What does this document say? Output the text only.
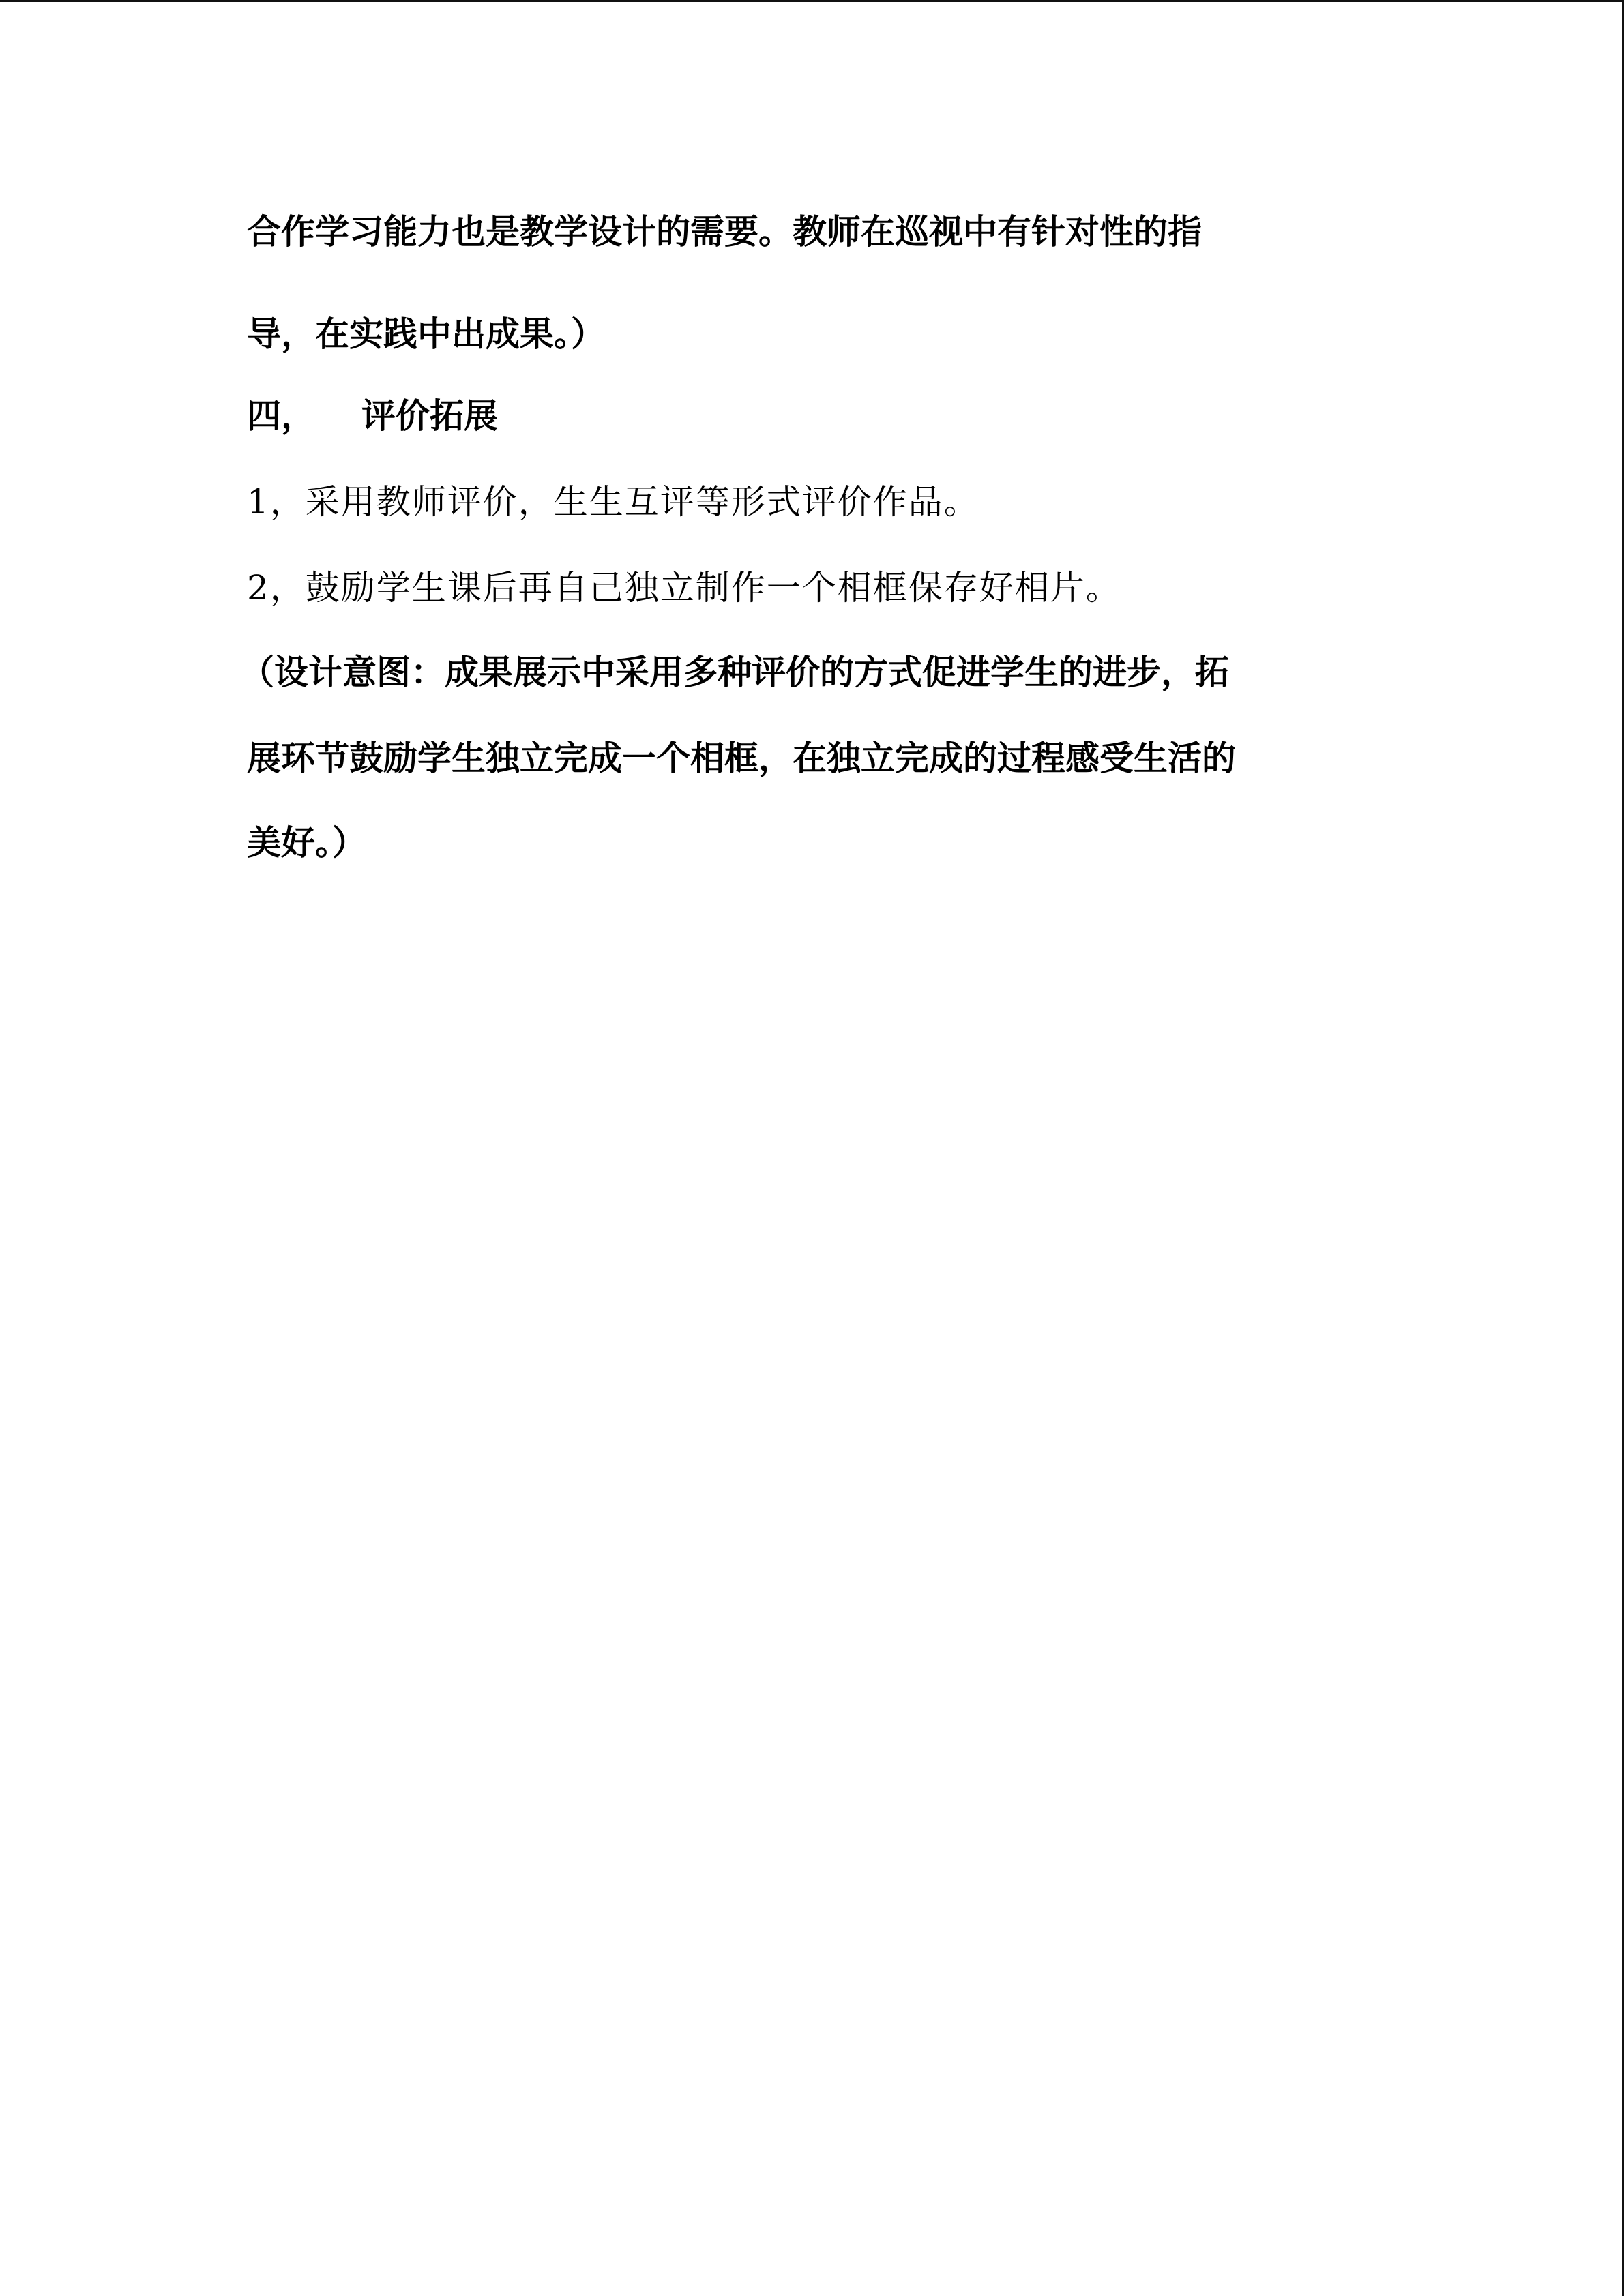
合作学习能力也是教学设计的需要。教师在巡视中有针对性的指

导，在实践中出成果。）

四， 评价拓展

1，采用教师评价，生生互评等形式评价作品。

2，鼓励学生课后再自己独立制作一个相框保存好相片。

（设计意图：成果展示中采用多种评价的方式促进学生的进步，拓

展环节鼓励学生独立完成一个相框，在独立完成的过程感受生活的

美好。）
